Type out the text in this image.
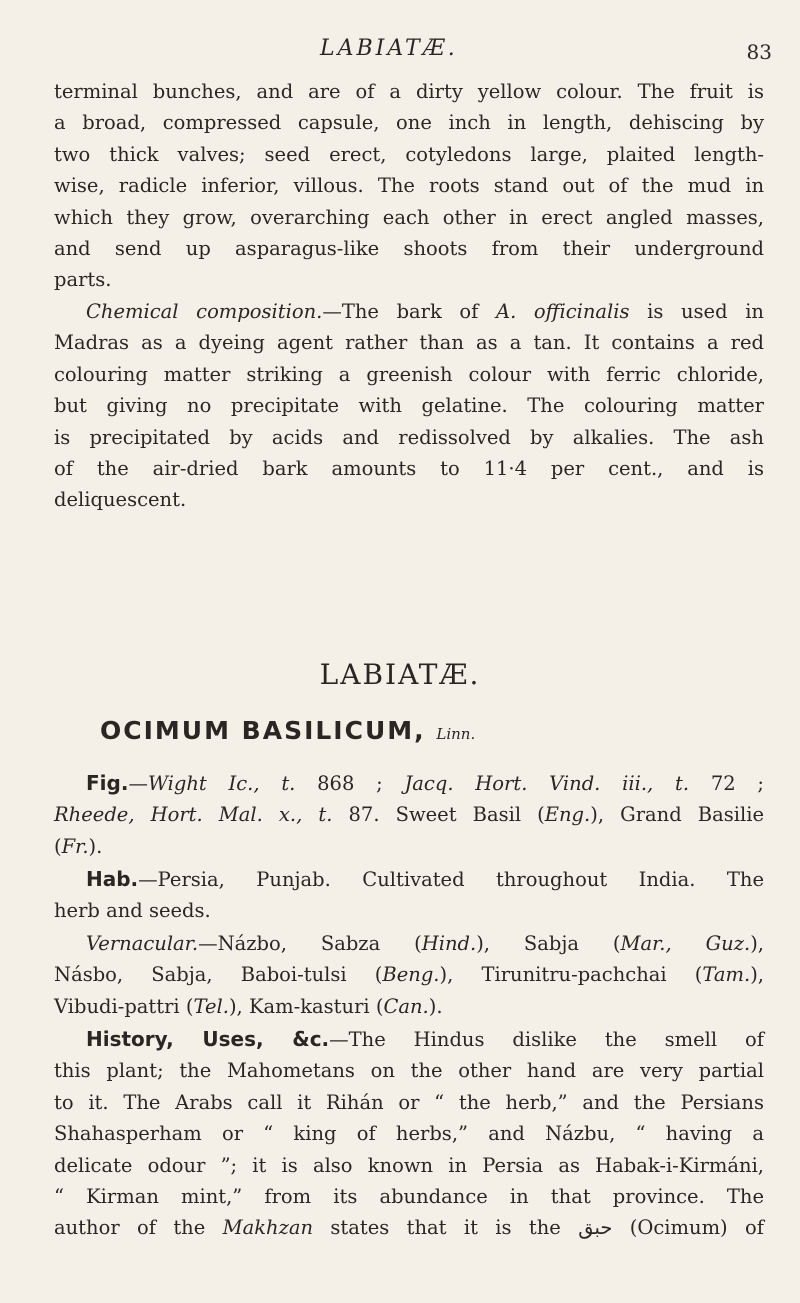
LABIATÆ.	83
terminal bunches, and are of a dirty yellow colour. The fruit is
a broad, compressed capsule, one inch in length, dehiscing by
two thick valves; seed erect, cotyledons large, plaited length-
wise, radicle inferior, villous. The roots stand out of the mud in
which they grow, overarching each other in erect angled masses,
and send up asparagus-like shoots from their underground
parts.
Chemical composition.—The bark of A. officinalis is used in
Madras as a dyeing agent rather than as a tan. It contains a red
colouring matter striking a greenish colour with ferric chloride,
but giving no precipitate with gelatine. The colouring matter
is precipitated by acids and redissolved by alkalies. The ash
of the air-dried bark amounts to 11·4 per cent., and is
deliquescent.
LABIATÆ.
OCIMUM BASILICUM, Linn.
Fig.—Wight Ic., t. 868 ; Jacq. Hort. Vind. iii., t. 72 ;
Rheede, Hort. Mal. x., t. 87. Sweet Basil (Eng.), Grand Basilie
(Fr.).
Hab.—Persia, Punjab. Cultivated throughout India. The
herb and seeds.
Vernacular.—Názbo, Sabza (Hind.), Sabja (Mar., Guz.),
Násbo, Sabja, Baboi-tulsi (Beng.), Tirunitru-pachchai (Tam.),
Vibudi-pattri (Tel.), Kam-kasturi (Can.).
History, Uses, &c.—The Hindus dislike the smell of
this plant; the Mahometans on the other hand are very partial
to it. The Arabs call it Rihán or “ the herb,” and the Persians
Shahasperham or “ king of herbs,” and Názbu, “ having a
delicate odour ”; it is also known in Persia as Habak-i-Kirmáni,
“ Kirman mint,” from its abundance in that province. The
author of the Makhzan states that it is the حبق (Ocimum) of
